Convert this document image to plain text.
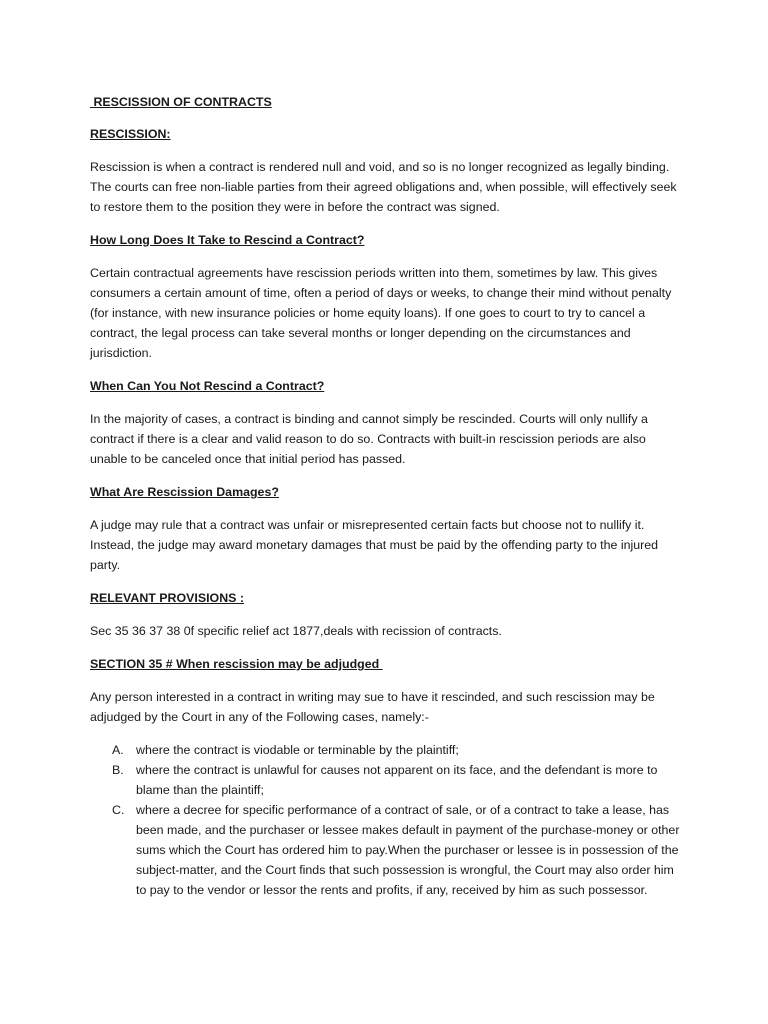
RESCISSION OF CONTRACTS
RESCISSION:

Rescission is when a contract is rendered null and void, and so is no longer recognized as legally binding. The courts can free non-liable parties from their agreed obligations and, when possible, will effectively seek to restore them to the position they were in before the contract was signed.

How Long Does It Take to Rescind a Contract?

Certain contractual agreements have rescission periods written into them, sometimes by law. This gives consumers a certain amount of time, often a period of days or weeks, to change their mind without penalty (for instance, with new insurance policies or home equity loans). If one goes to court to try to cancel a contract, the legal process can take several months or longer depending on the circumstances and jurisdiction.

When Can You Not Rescind a Contract?

In the majority of cases, a contract is binding and cannot simply be rescinded. Courts will only nullify a contract if there is a clear and valid reason to do so. Contracts with built-in rescission periods are also unable to be canceled once that initial period has passed.

What Are Rescission Damages?

A judge may rule that a contract was unfair or misrepresented certain facts but choose not to nullify it. Instead, the judge may award monetary damages that must be paid by the offending party to the injured party.

RELEVANT PROVISIONS :

Sec 35 36 37 38 0f specific relief act 1877,deals with recission of contracts.

SECTION 35 # When rescission may be adjudged

Any person interested in a contract in writing may sue to have it rescinded, and such rescission may be adjudged by the Court in any of the Following cases, namely:-

A. where the contract is viodable or terminable by the plaintiff;
B. where the contract is unlawful for causes not apparent on its face, and the defendant is more to blame than the plaintiff;
C. where a decree for specific performance of a contract of sale, or of a contract to take a lease, has been made, and the purchaser or lessee makes default in payment of the purchase-money or other sums which the Court has ordered him to pay.When the purchaser or lessee is in possession of the subject-matter, and the Court finds that such possession is wrongful, the Court may also order him to pay to the vendor or lessor the rents and profits, if any, received by him as such possessor.
